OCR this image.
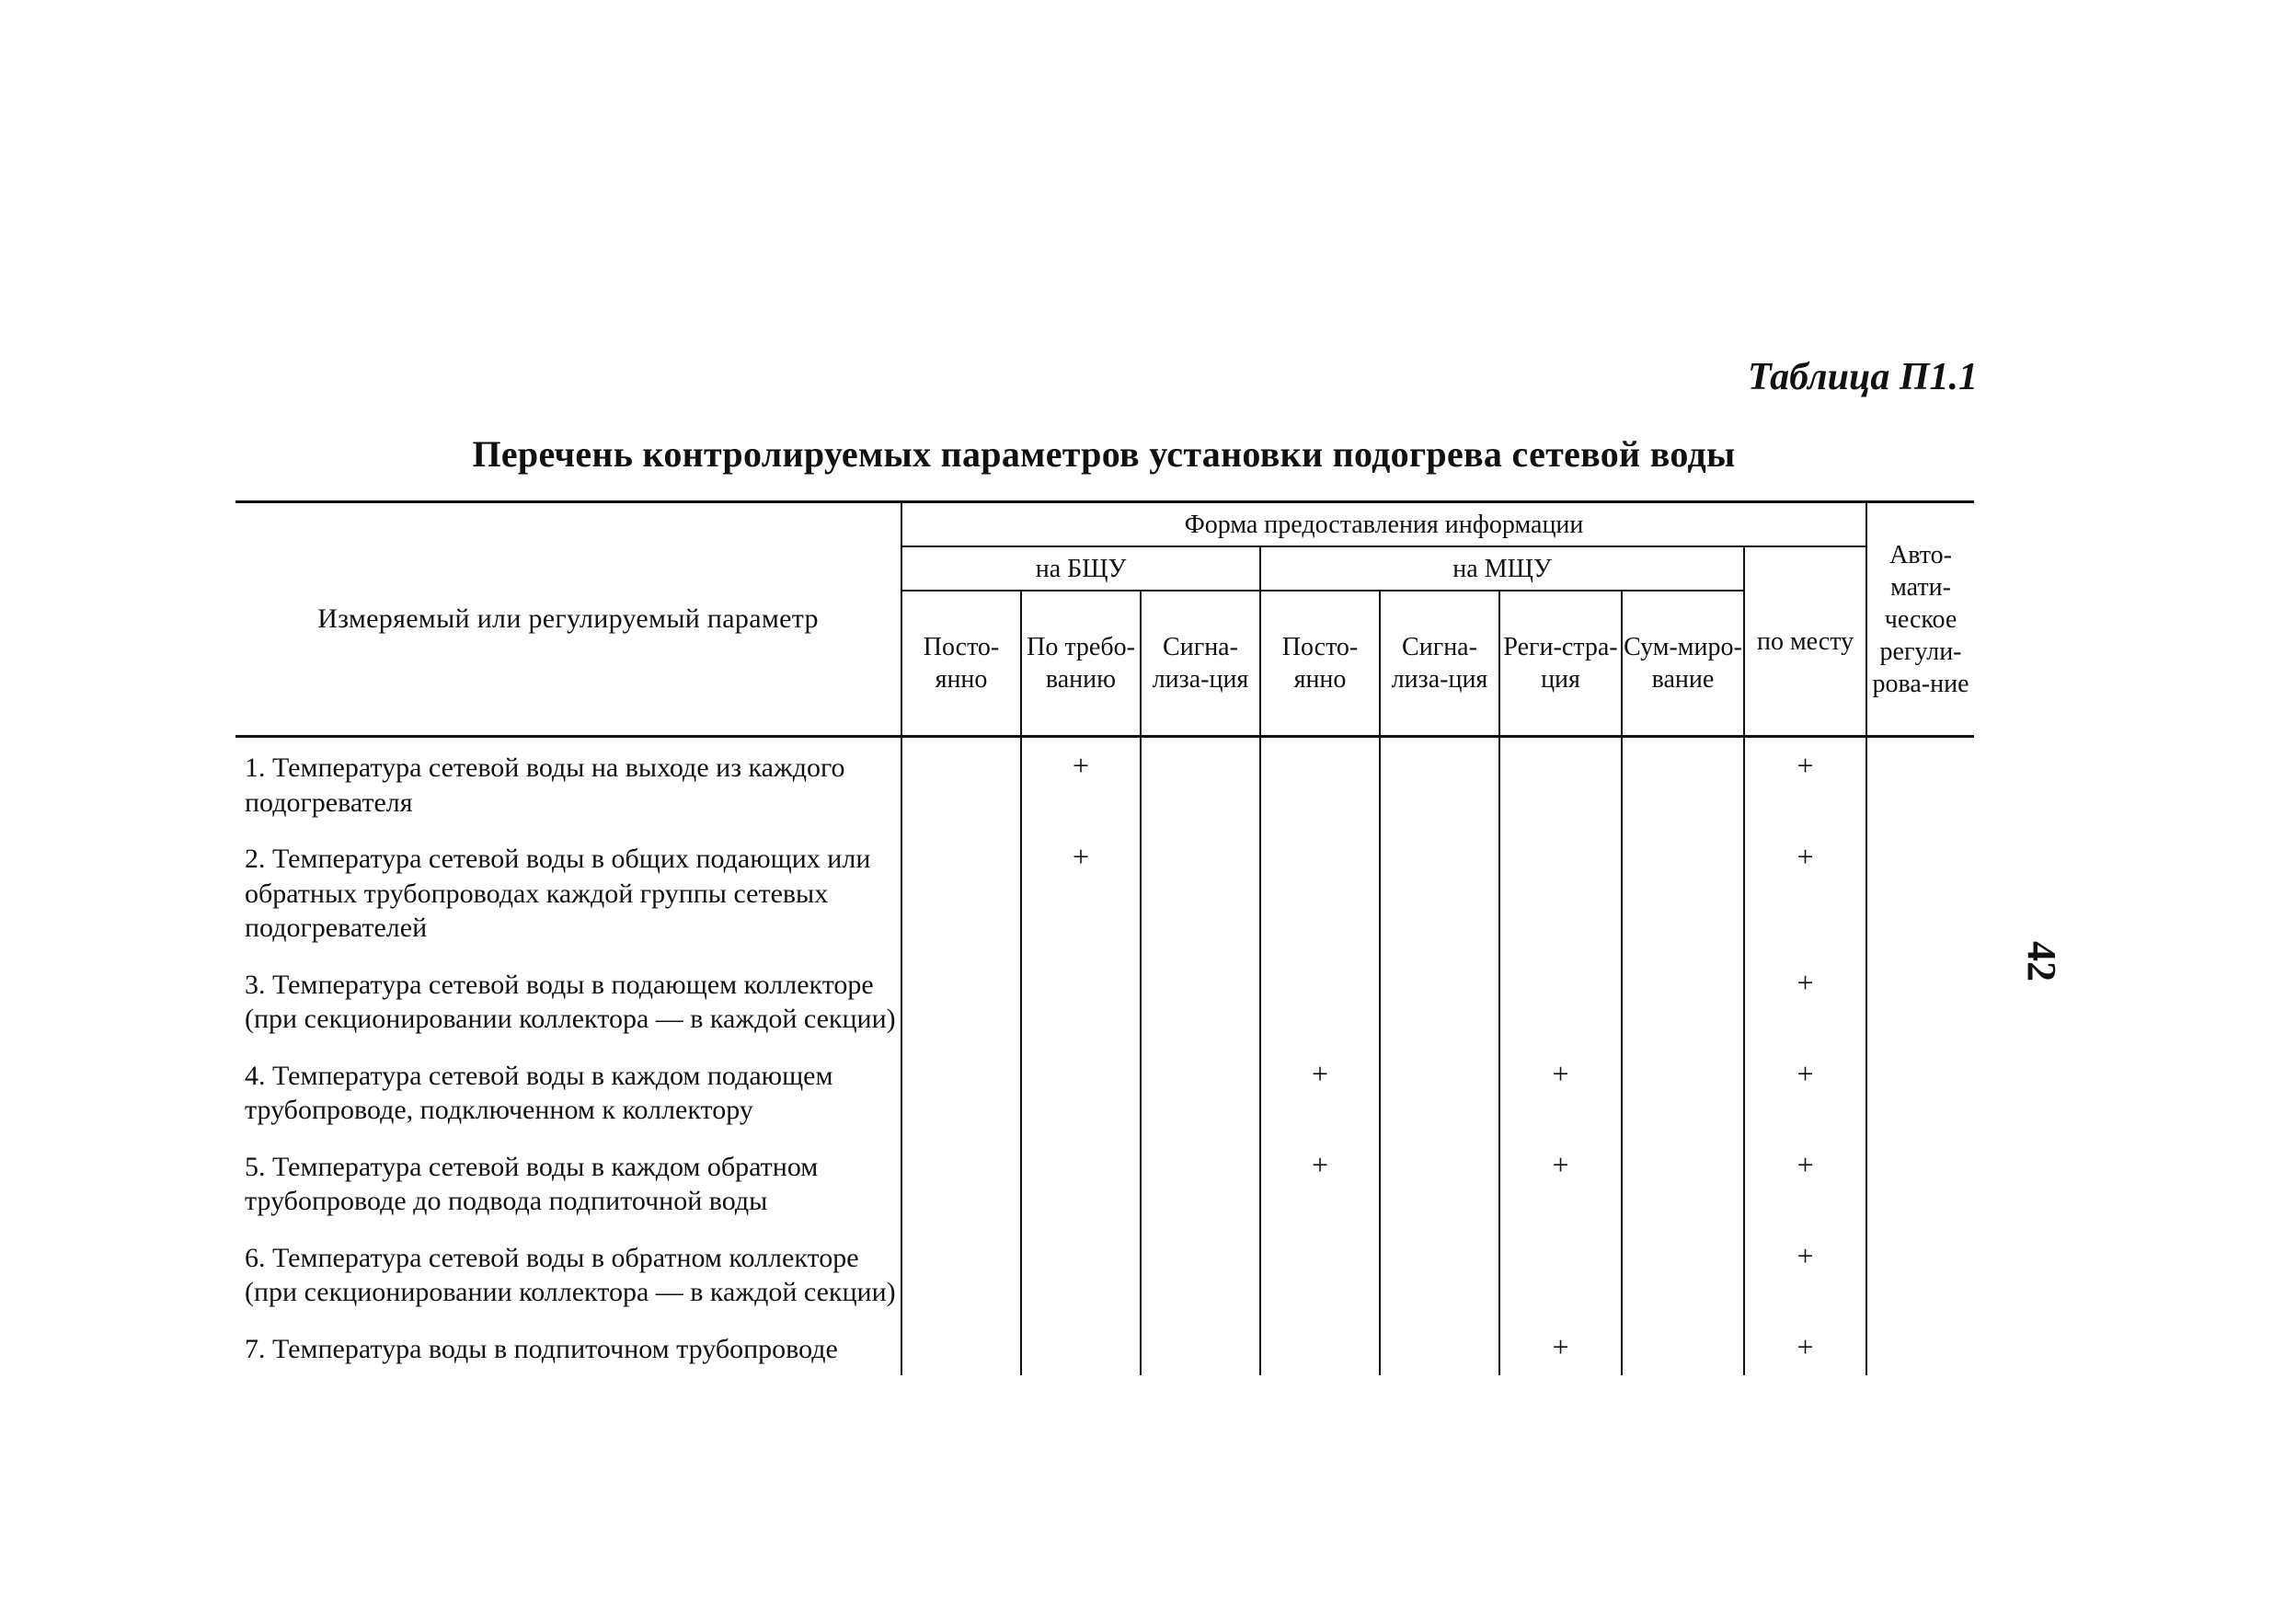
Таблица П1.1
Перечень контролируемых параметров установки подогрева сетевой воды
42
Измеряемый или регулируемый параметр	Форма предоставления информации								Авто-мати-ческое регули-рова-ние
	на БЩУ			на МЩУ				по месту	
	Посто-янно	По требо-ванию	Сигна-лиза-ция	Посто-янно	Сигна-лиза-ция	Реги-стра-ция	Сум-миро-вание		
1. Температура сетевой воды на выходе из каждого подогревателя		+						+	
2. Температура сетевой воды в общих подающих или обратных трубопроводах каждой группы сетевых подогревателей		+						+	
3. Температура сетевой воды в подающем коллекторе (при секционировании коллектора — в каждой секции)								+	
4. Температура сетевой воды в каждом подающем трубопроводе, подключенном к коллектору				+		+		+	
5. Температура сетевой воды в каждом обратном трубопроводе до подвода подпиточной воды				+		+		+	
6. Температура сетевой воды в обратном коллекторе (при секционировании коллектора — в каждой секции)								+	
7. Температура воды в подпиточном трубопроводе						+		+	
